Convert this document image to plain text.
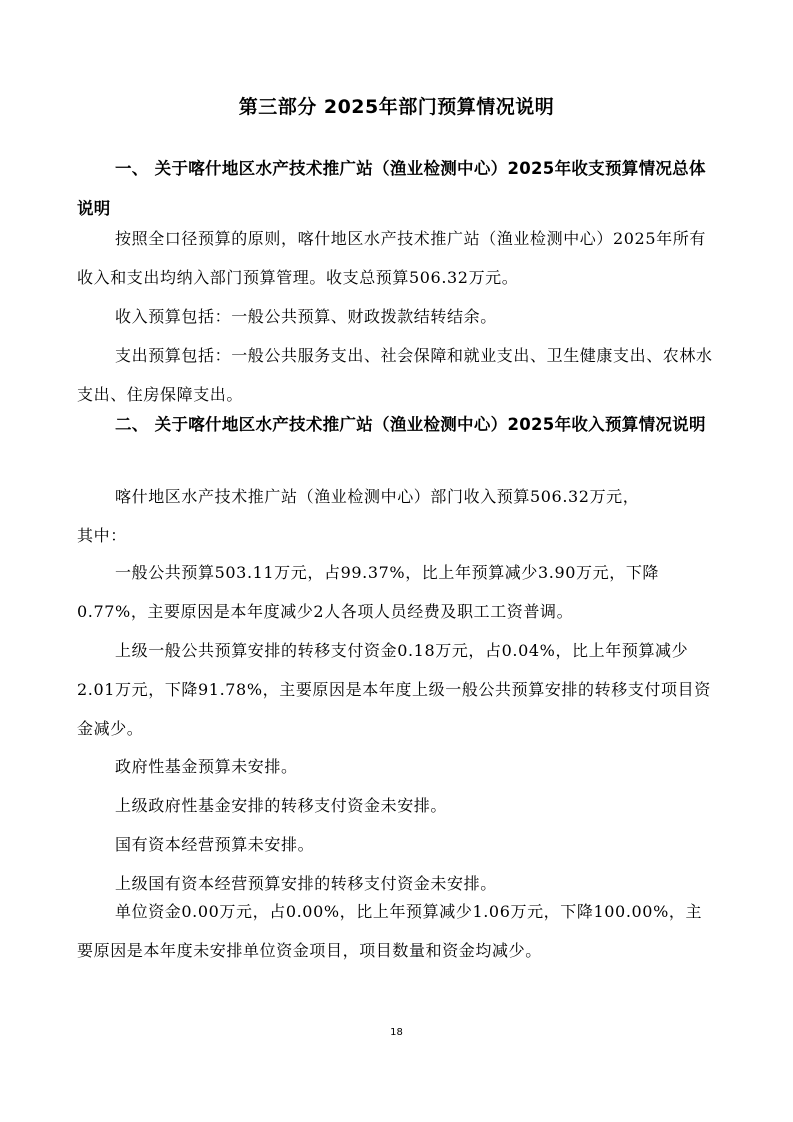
第三部分 2025年部门预算情况说明
一、 关于喀什地区水产技术推广站（渔业检测中心）2025年收支预算情况总体说明
按照全口径预算的原则，喀什地区水产技术推广站（渔业检测中心）2025年所有收入和支出均纳入部门预算管理。收支总预算506.32万元。
收入预算包括：一般公共预算、财政拨款结转结余。
支出预算包括：一般公共服务支出、社会保障和就业支出、卫生健康支出、农林水支出、住房保障支出。
二、 关于喀什地区水产技术推广站（渔业检测中心）2025年收入预算情况说明
喀什地区水产技术推广站（渔业检测中心）部门收入预算506.32万元，
其中：
一般公共预算503.11万元，占99.37%，比上年预算减少3.90万元，下降0.77%，主要原因是本年度减少2人各项人员经费及职工工资普调。
上级一般公共预算安排的转移支付资金0.18万元，占0.04%，比上年预算减少2.01万元，下降91.78%，主要原因是本年度上级一般公共预算安排的转移支付项目资金减少。
政府性基金预算未安排。
上级政府性基金安排的转移支付资金未安排。
国有资本经营预算未安排。
上级国有资本经营预算安排的转移支付资金未安排。
单位资金0.00万元，占0.00%，比上年预算减少1.06万元，下降100.00%，主要原因是本年度未安排单位资金项目，项目数量和资金均减少。
18
